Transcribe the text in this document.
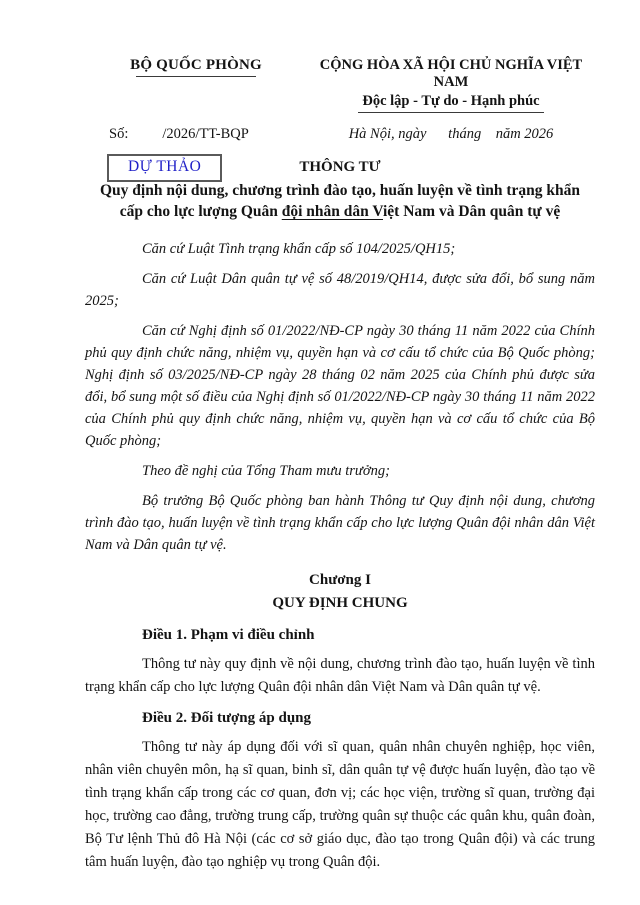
BỘ QUỐC PHÒNG	CỘNG HÒA XÃ HỘI CHỦ NGHĨA VIỆT NAM
Độc lập - Tự do - Hạnh phúc
Số: /2026/TT-BQP	Hà Nội, ngày      tháng    năm 2026
DỰ THẢO	THÔNG TƯ
Quy định nội dung, chương trình đào tạo, huấn luyện về tình trạng khẩn
cấp cho lực lượng Quân đội nhân dân Việt Nam và Dân quân tự vệ

Căn cứ Luật Tình trạng khẩn cấp số 104/2025/QH15;

Căn cứ Luật Dân quân tự vệ số 48/2019/QH14, được sửa đổi, bổ sung năm 2025;

Căn cứ Nghị định số 01/2022/NĐ-CP ngày 30 tháng 11 năm 2022 của Chính phủ quy định chức năng, nhiệm vụ, quyền hạn và cơ cấu tổ chức của Bộ Quốc phòng; Nghị định số 03/2025/NĐ-CP ngày 28 tháng 02 năm 2025 của Chính phủ được sửa đổi, bổ sung một số điều của Nghị định số 01/2022/NĐ-CP ngày 30 tháng 11 năm 2022 của Chính phủ quy định chức năng, nhiệm vụ, quyền hạn và cơ cấu tổ chức của Bộ Quốc phòng;

Theo đề nghị của Tổng Tham mưu trưởng;

Bộ trưởng Bộ Quốc phòng ban hành Thông tư Quy định nội dung, chương trình đào tạo, huấn luyện về tình trạng khẩn cấp cho lực lượng Quân đội nhân dân Việt Nam và Dân quân tự vệ.

Chương I
QUY ĐỊNH CHUNG
Điều 1. Phạm vi điều chỉnh

Thông tư này quy định về nội dung, chương trình đào tạo, huấn luyện về tình trạng khẩn cấp cho lực lượng Quân đội nhân dân Việt Nam và Dân quân tự vệ.

Điều 2. Đối tượng áp dụng

Thông tư này áp dụng đối với sĩ quan, quân nhân chuyên nghiệp, học viên, nhân viên chuyên môn, hạ sĩ quan, binh sĩ, dân quân tự vệ được huấn luyện, đào tạo về tình trạng khẩn cấp trong các cơ quan, đơn vị; các học viện, trường sĩ quan, trường đại học, trường cao đẳng, trường trung cấp, trường quân sự thuộc các quân khu, quân đoàn, Bộ Tư lệnh Thủ đô Hà Nội (các cơ sở giáo dục, đào tạo trong Quân đội) và các trung tâm huấn luyện, đào tạo nghiệp vụ trong Quân đội.
